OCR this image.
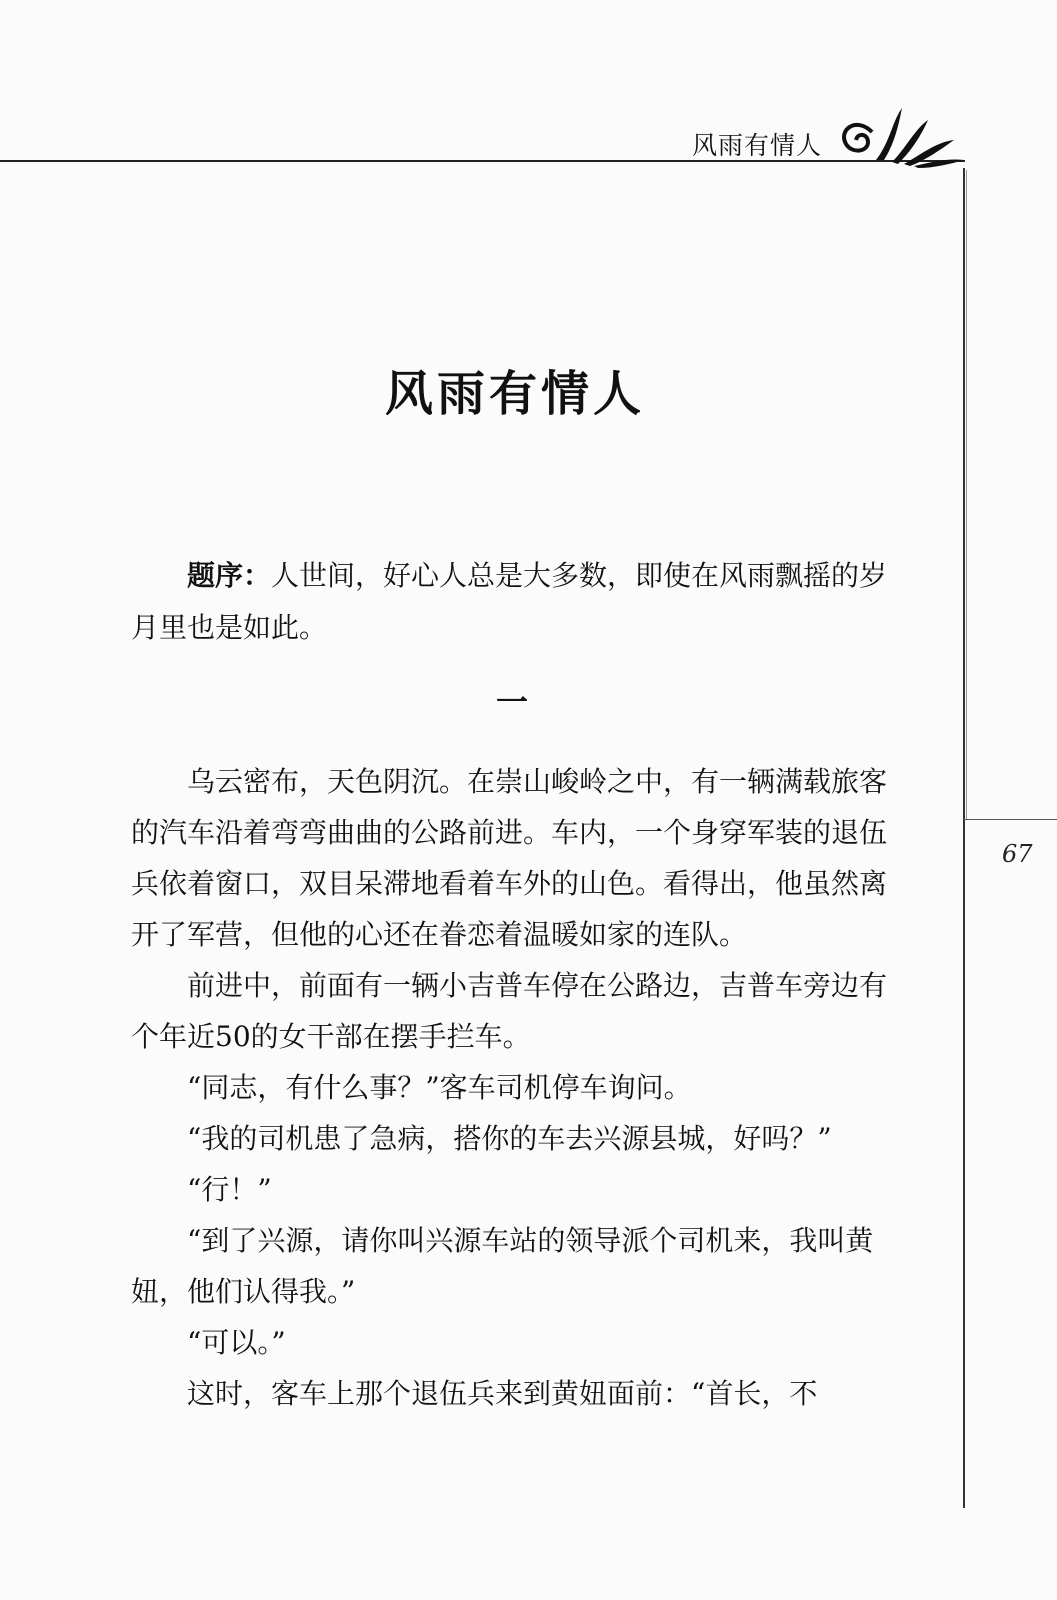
风雨有情人
67
风雨有情人

题序：人世间，好心人总是大多数，即使在风雨飘摇的岁月里也是如此。

一

乌云密布，天色阴沉。在崇山峻岭之中，有一辆满载旅客的汽车沿着弯弯曲曲的公路前进。车内，一个身穿军装的退伍兵依着窗口，双目呆滞地看着车外的山色。看得出，他虽然离开了军营，但他的心还在眷恋着温暖如家的连队。

前进中，前面有一辆小吉普车停在公路边，吉普车旁边有个年近50的女干部在摆手拦车。

“同志，有什么事？”客车司机停车询问。

“我的司机患了急病，搭你的车去兴源县城，好吗？”

“行！”

“到了兴源，请你叫兴源车站的领导派个司机来，我叫黄妞，他们认得我。”

“可以。”

这时，客车上那个退伍兵来到黄妞面前：“首长，不
